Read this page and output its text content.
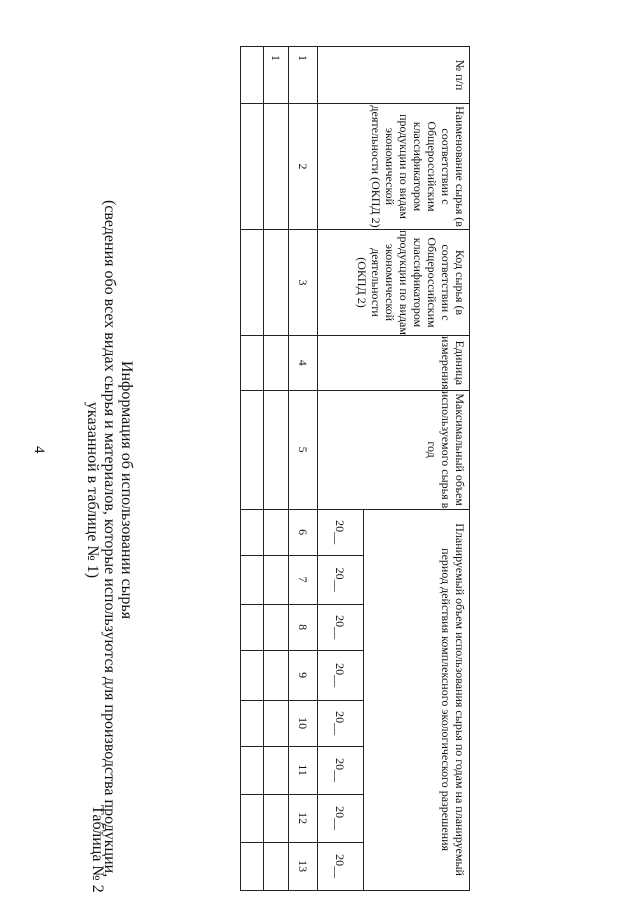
4
Таблица № 2
Информация об использовании сырья
(сведения обо всех видах сырья и материалов, которые используются для производства продукции,
указанной в таблице № 1)
№ п/п	Наименование сырья (в соответствии с Общероссийским классификатором продукции по видам экономической деятельности (ОКПД 2)	Код сырья (в соответствии с Общероссийским классификатором продукции по видам экономической деятельности (ОКПД 2)	Единица измерения	Максимальный объем используемого сырья в год	Планируемый объем использования сырья по годам на планируемый период действия комплексного экологического разрешения							
					20__	20__	20__	20__	20__	20__	20__	20__
1	2	3	4	5	6	7	8	9	10	11	12	13
1												
